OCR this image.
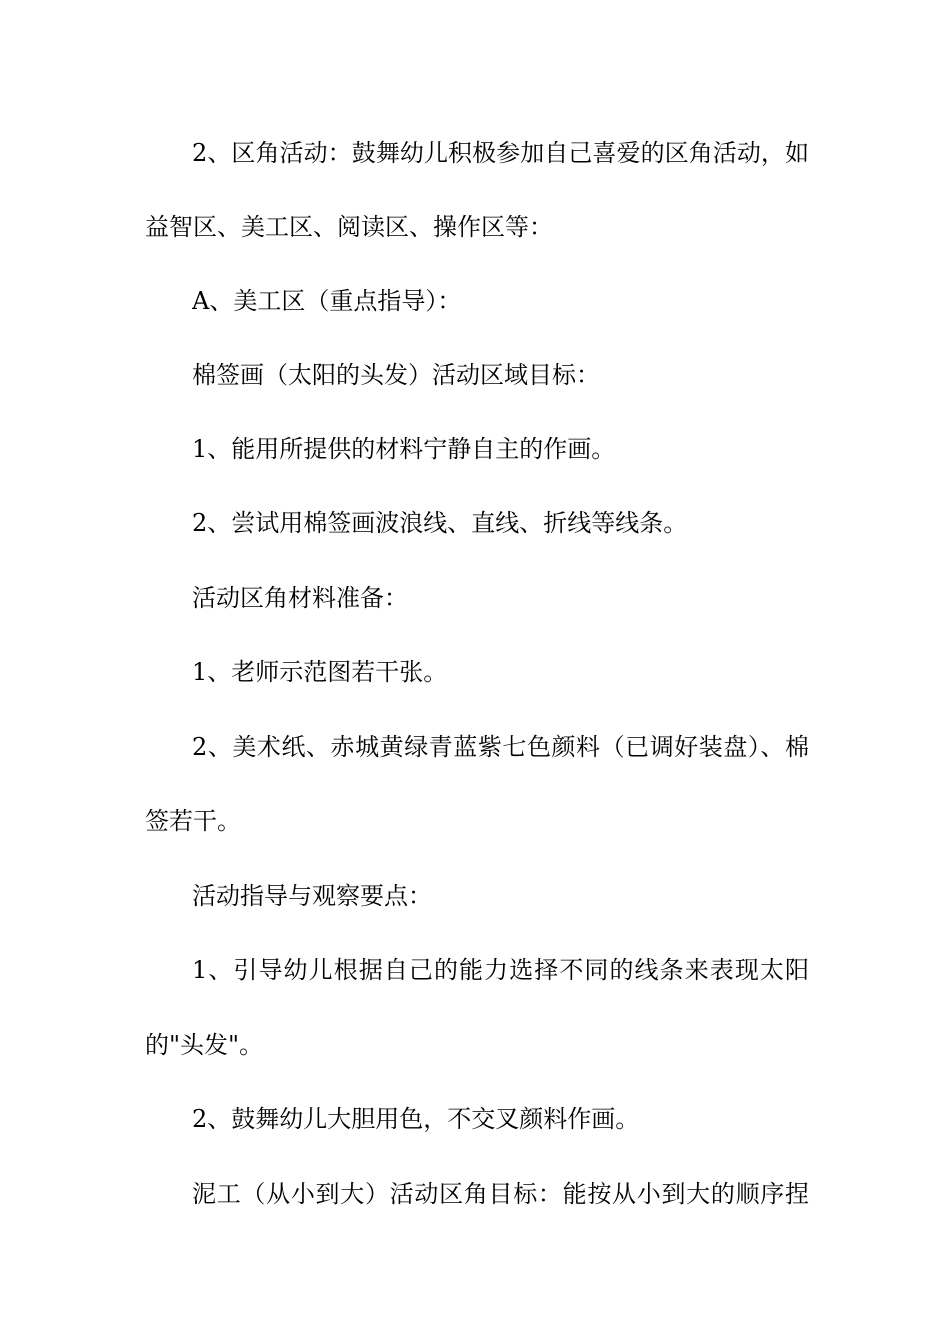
2、区角活动：鼓舞幼儿积极参加自己喜爱的区角活动，如
益智区、美工区、阅读区、操作区等：
A、美工区（重点指导）：
棉签画（太阳的头发）活动区域目标：
1、能用所提供的材料宁静自主的作画。
2、尝试用棉签画波浪线、直线、折线等线条。
活动区角材料准备：
1、老师示范图若干张。
2、美术纸、赤城黄绿青蓝紫七色颜料（已调好装盘）、棉
签若干。
活动指导与观察要点：
1、引导幼儿根据自己的能力选择不同的线条来表现太阳
的"头发"。
2、鼓舞幼儿大胆用色，不交叉颜料作画。
泥工（从小到大）活动区角目标：能按从小到大的顺序捏
